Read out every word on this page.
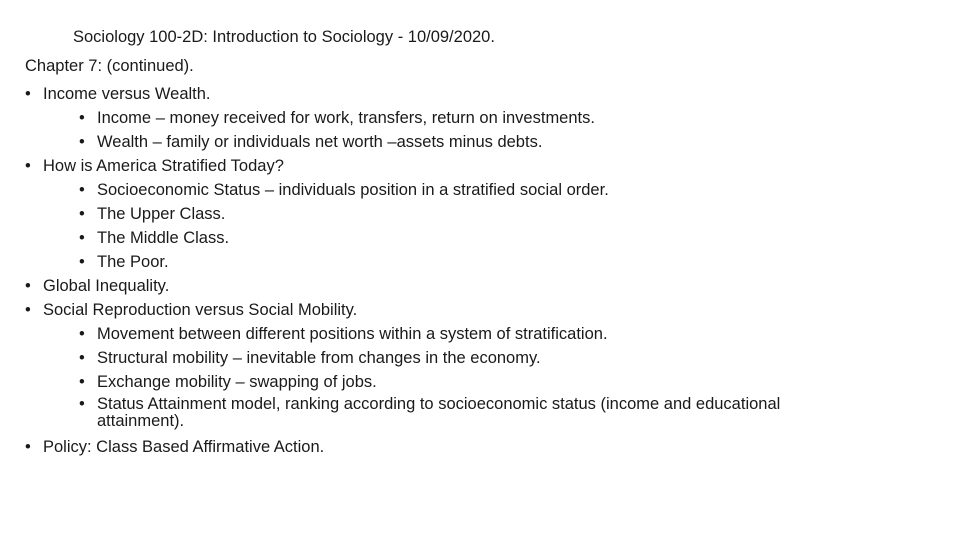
Sociology 100-2D: Introduction to Sociology - 10/09/2020.
Chapter 7: (continued).
• Income versus Wealth.
• Income – money received for work, transfers, return on investments.
• Wealth – family or individuals net worth –assets minus debts.
• How is America Stratified Today?
• Socioeconomic Status – individuals position in a stratified social order.
• The Upper Class.
• The Middle Class.
• The Poor.
• Global Inequality.
• Social Reproduction versus Social Mobility.
• Movement between different positions within a system of stratification.
• Structural mobility – inevitable from changes in the economy.
• Exchange mobility – swapping of jobs.
• Status Attainment model, ranking according to socioeconomic status (income and educational attainment).
• Policy: Class Based Affirmative Action.
